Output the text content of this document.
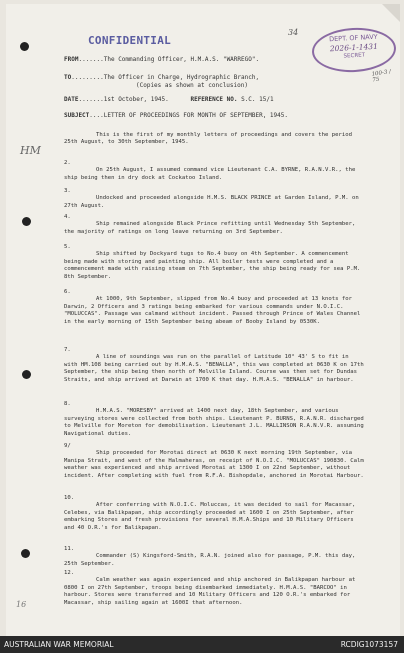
CONFIDENTIAL	DEPT. OF NAVY
2026-1-1431
SECRET
34
100-3 / 75
HM
16
FROM.......The Commanding Officer, H.M.A.S. "WARREGO".
TO.........The Officer in Charge, Hydrographic Branch,
(Copies as shown at conclusion)
DATE.......1st October, 1945.	REFERENCE NO. S.C. 15/1
SUBJECT....LETTER OF PROCEEDINGS FOR MONTH OF SEPTEMBER, 1945.
This is the first of my monthly letters of proceedings and covers the period 25th August, to 30th September, 1945.
2.
On 25th August, I assumed command vice Lieutenant C.A. BYRNE, R.A.N.V.R., the ship being then in dry dock at Cockatoo Island.
3.
Undocked and proceeded alongside H.M.S. BLACK PRINCE at Garden Island, P.M. on 27th August.
4.
Ship remained alongside Black Prince refitting until Wednesday 5th September, the majority of ratings on long leave returning on 3rd September.
5.
Ship shifted by Dockyard tugs to No.4 buoy on 4th September. A commencement being made with storing and painting ship. All boiler tests were completed and a commencement made with raising steam on 7th September, the ship being ready for sea P.M. 8th September.
6.
At 1000, 9th September, slipped from No.4 buoy and proceeded at 13 knots for Darwin, 2 Officers and 3 ratings being embarked for various commands under N.O.I.C. "MOLUCCAS". Passage was calmand without incident. Passed through Prince of Wales Channel in the early morning of 15th September being abeam of Booby Island by 0530K.
7.
A line of soundings was run on the parallel of Latitude 10° 43' S to fit in with HM.108 being carried out by H.M.A.S. "BENALLA", this was completed at 0630 K on 17th September, the ship being then north of Melville Island. Course was then set for Dundas Straits, and ship arrived at Darwin at 1700 K that day. H.M.A.S. "BENALLA" in harbour.
8.
H.M.A.S. "MORESBY" arrived at 1400 next day, 18th September, and various surveying stores were collected from both ships. Lieutenant P. BURNS, R.A.N.R. discharged to Melville for Moreton for demobilisation. Lieutenant J.L. MALLINSON R.A.N.V.R. assuming Navigational duties.
9/
Ship proceeded for Morotai direct at 0630 K next morning 19th September, via Manipa Strait, and west of the Halmaheras, on receipt of N.O.I.C. "MOLUCCAS" 190830. Calm weather was experienced and ship arrived Morotai at 1300 I on 22nd September, without incident. After completing with fuel from R.F.A. Bishopdale, anchored in Morotai Harbour.
10.
After conferring with N.O.I.C. Moluccas, it was decided to sail for Macassar, Celebes, via Balikpapan, ship accordingly proceeded at 1600 I on 25th September, after embarking Stores and fresh provisions for several H.M.A.Ships and 10 Military Officers and 40 O.R.'s for Balikpapan.
11.
Commander (S) Kingsford-Smith, R.A.N. joined also for passage, P.M. this day, 25th September.
12.
Calm weather was again experienced and ship anchored in Balikpapan harbour at 0800 I on 27th September, troops being disembarked immediately. H.M.A.S. "BARCOO" in harbour. Stores were transferred and 10 Military Officers and 120 O.R.'s embarked for Macassar, ship sailing again at 1600I that afternoon.
AUSTRALIAN WAR MEMORIAL	RCDIG1073157
